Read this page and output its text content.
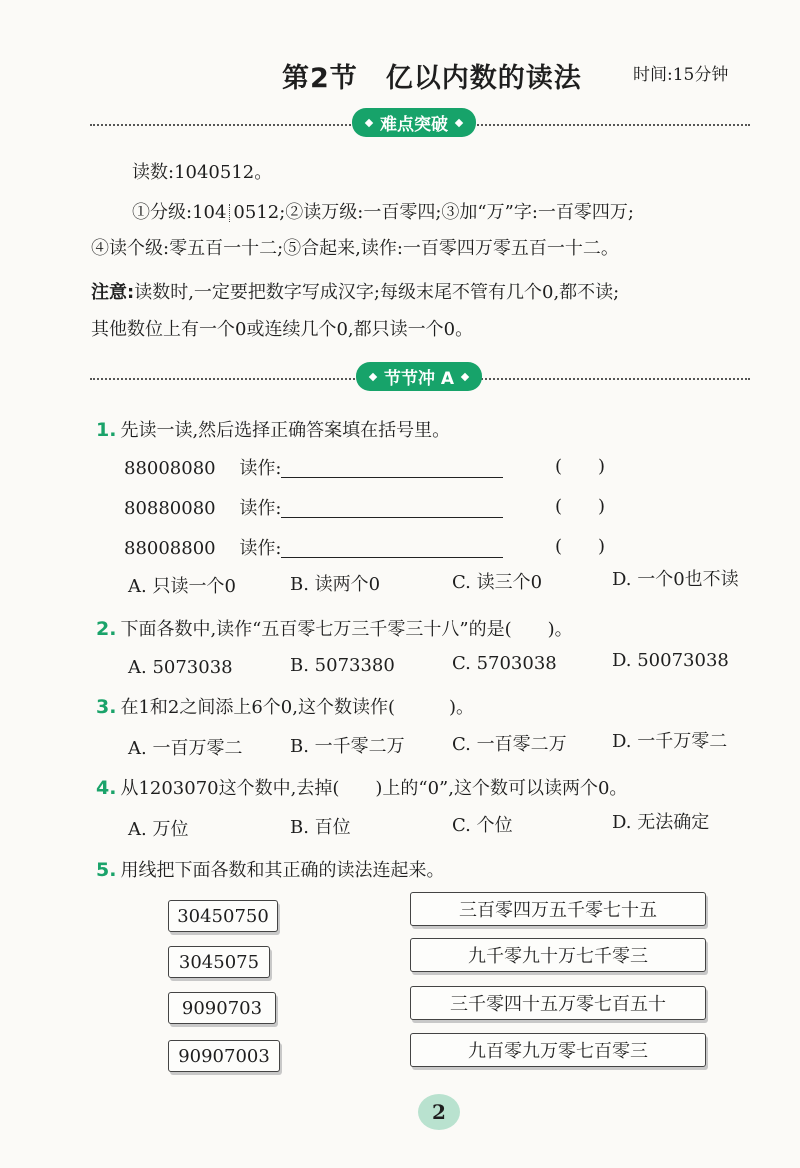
第2节　亿以内数的读法	时间:15分钟
难点突破
读数:1040512。
①分级:104 0512;②读万级:一百零四;③加“万”字:一百零四万;
④读个级:零五百一十二;⑤合起来,读作:一百零四万零五百一十二。
注意:读数时,一定要把数字写成汉字;每级末尾不管有几个0,都不读;
其他数位上有一个0或连续几个0,都只读一个0。
节节冲 A
1. 先读一读,然后选择正确答案填在括号里。
88008080 读作:	(　　)
80880080 读作:	(　　)
88008800 读作:	(　　)
A. 只读一个0	B. 读两个0	C. 读三个0	D. 一个0也不读
2. 下面各数中,读作“五百零七万三千零三十八”的是(　　)。
A. 5073038	B. 5073380	C. 5703038	D. 50073038
3. 在1和2之间添上6个0,这个数读作(　　　)。
A. 一百万零二	B. 一千零二万	C. 一百零二万	D. 一千万零二
4. 从1203070这个数中,去掉(　　)上的“0”,这个数可以读两个0。
A. 万位	B. 百位	C. 个位	D. 无法确定
5. 用线把下面各数和其正确的读法连起来。
30450750
3045075
9090703
90907003
三百零四万五千零七十五
九千零九十万七千零三
三千零四十五万零七百五十
九百零九万零七百零三
2
